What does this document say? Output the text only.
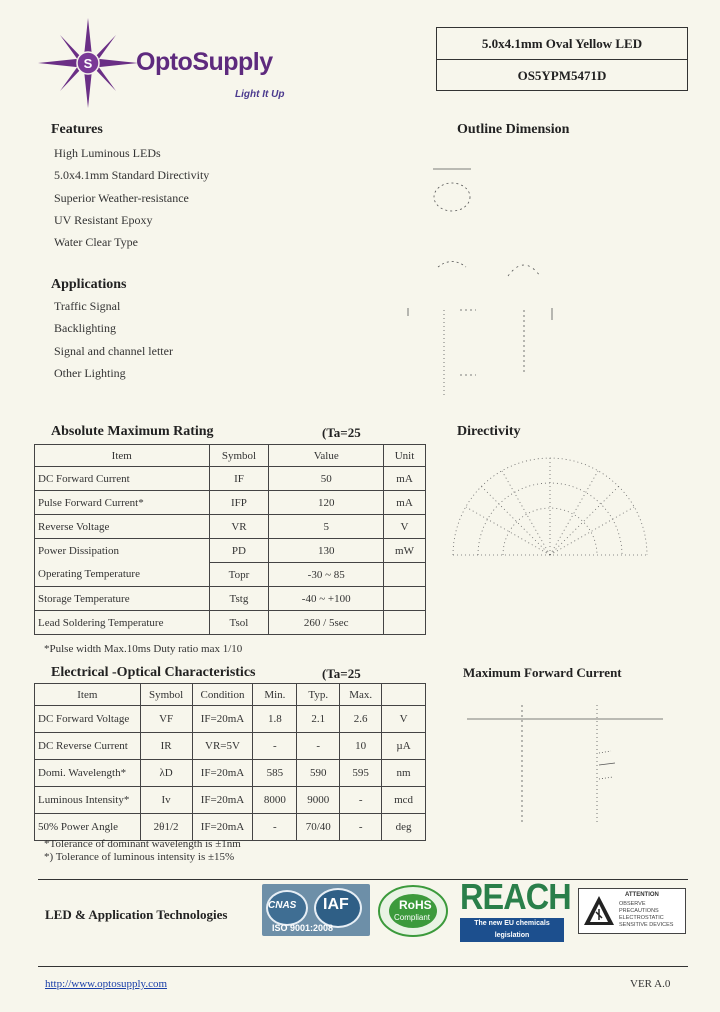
S OptoSupply
Light It Up
5.0x4.1mm Oval Yellow LED
OS5YPM5471D
Features
High Luminous LEDs
5.0x4.1mm Standard Directivity
Superior Weather-resistance
UV Resistant Epoxy
Water Clear Type
Applications
Traffic Signal
Backlighting
Signal and channel letter
Other Lighting
Outline Dimension
Absolute Maximum Rating	(Ta=25
Item	Symbol	Value	Unit
DC Forward Current	IF	50	mA
Pulse Forward Current*	IFP	120	mA
Reverse Voltage	VR	5	V
Power Dissipation	PD	130	mW
Operating Temperature	Topr	-30 ~ 85	
Storage Temperature	Tstg	-40 ~ +100	
Lead Soldering Temperature	Tsol	260 / 5sec	
*Pulse width Max.10ms Duty ratio max 1/10
Directivity
Electrical -Optical Characteristics	(Ta=25
Item	Symbol	Condition	Min.	Typ.	Max.	
DC Forward Voltage	VF	IF=20mA	1.8	2.1	2.6	V
DC Reverse Current	IR	VR=5V	-	-	10	µA
Domi. Wavelength*	λD	IF=20mA	585	590	595	nm
Luminous Intensity*	Iv	IF=20mA	8000	9000	-	mcd
50% Power Angle	2θ1/2	IF=20mA	-	70/40	-	deg
*Tolerance of dominant wavelength is ±1nm
*) Tolerance of luminous intensity is ±15%
Maximum Forward Current
LED & Application Technologies
CNAS IAF
ISO 9001:2008
RoHS
Compliant
REACH
The new EU chemicals legislation
ATTENTION
OBSERVE PRECAUTIONS ELECTROSTATIC SENSITIVE DEVICES
http://www.optosupply.com	VER A.0
